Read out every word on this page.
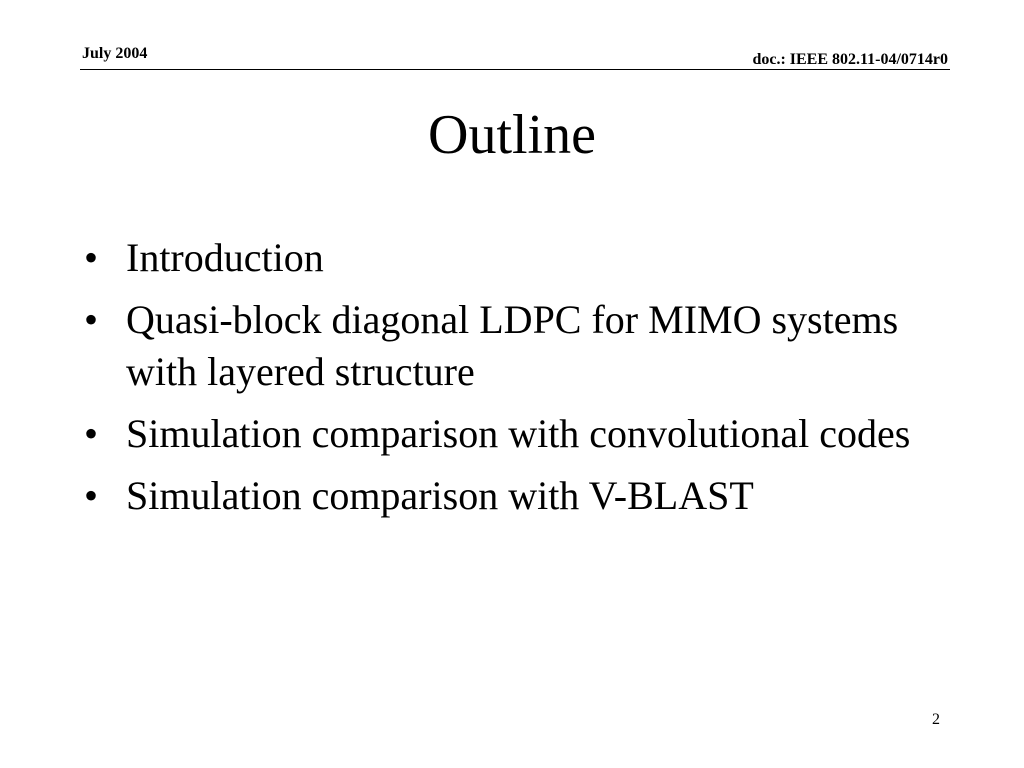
July 2004	doc.: IEEE 802.11-04/0714r0
Outline
• Introduction
• Quasi-block diagonal LDPC for MIMO systems with layered structure
• Simulation comparison with convolutional codes
• Simulation comparison with V-BLAST
2
